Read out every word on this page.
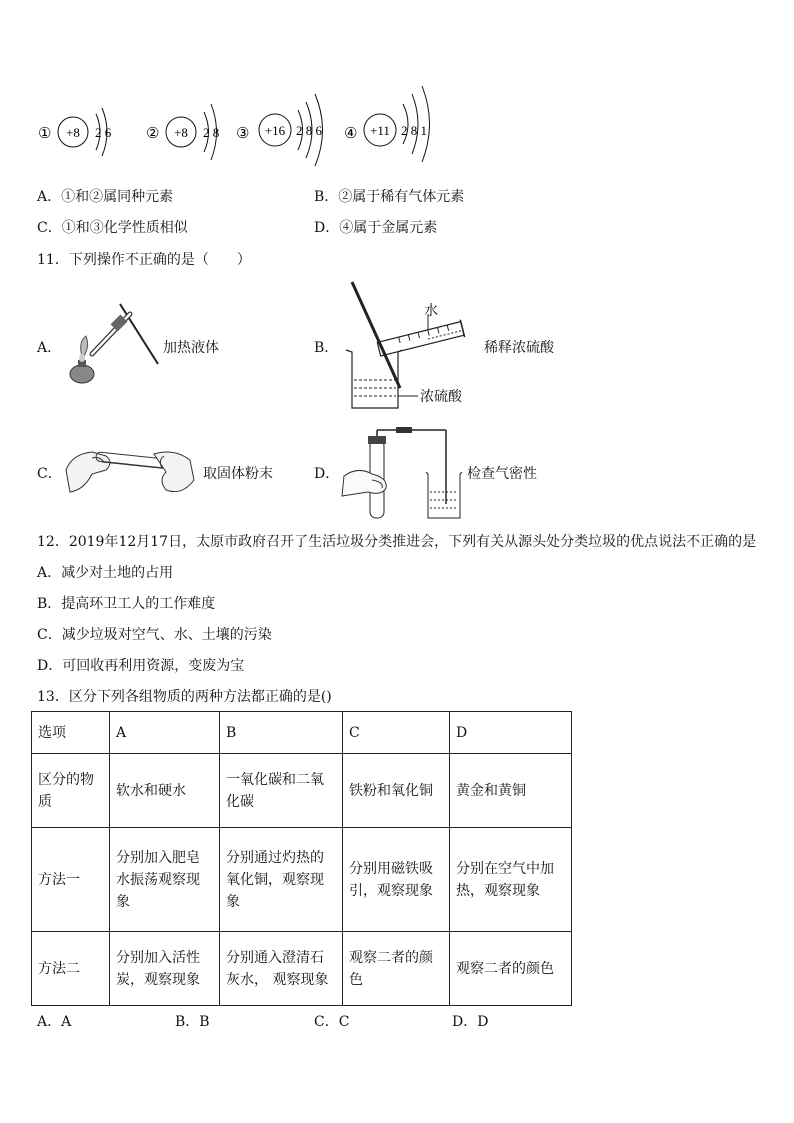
① +8 2 6 ② +8 2 8 ③ +16 2 8 6 ④ +11 2 8 1
A．①和②属同种元素	B．②属于稀有气体元素
C．①和③化学性质相似	D．④属于金属元素
11．下列操作不正确的是（　　）
A．	加热液体	B．
水
稀释浓硫酸
浓硫酸
C．	取固体粉末	D．	检查气密性
12．2019年12月17日，太原市政府召开了生活垃圾分类推进会，下列有关从源头处分类垃圾的优点说法不正确的是
A．减少对土地的占用
B．提高环卫工人的工作难度
C．减少垃圾对空气、水、土壤的污染
D．可回收再利用资源，变废为宝
13．区分下列各组物质的两种方法都正确的是()
选项	A	B	C	D
区分的物质	软水和硬水	一氧化碳和二氧化碳	铁粉和氧化铜	黄金和黄铜
方法一	分别加入肥皂水振荡观察现象	分别通过灼热的氧化铜，观察现象	分别用磁铁吸引，观察现象	分别在空气中加热，观察现象
方法二	分别加入活性炭，观察现象	分别通入澄清石灰水， 观察现象	观察二者的颜色	观察二者的颜色
A．A	B．B	C．C	D．D
